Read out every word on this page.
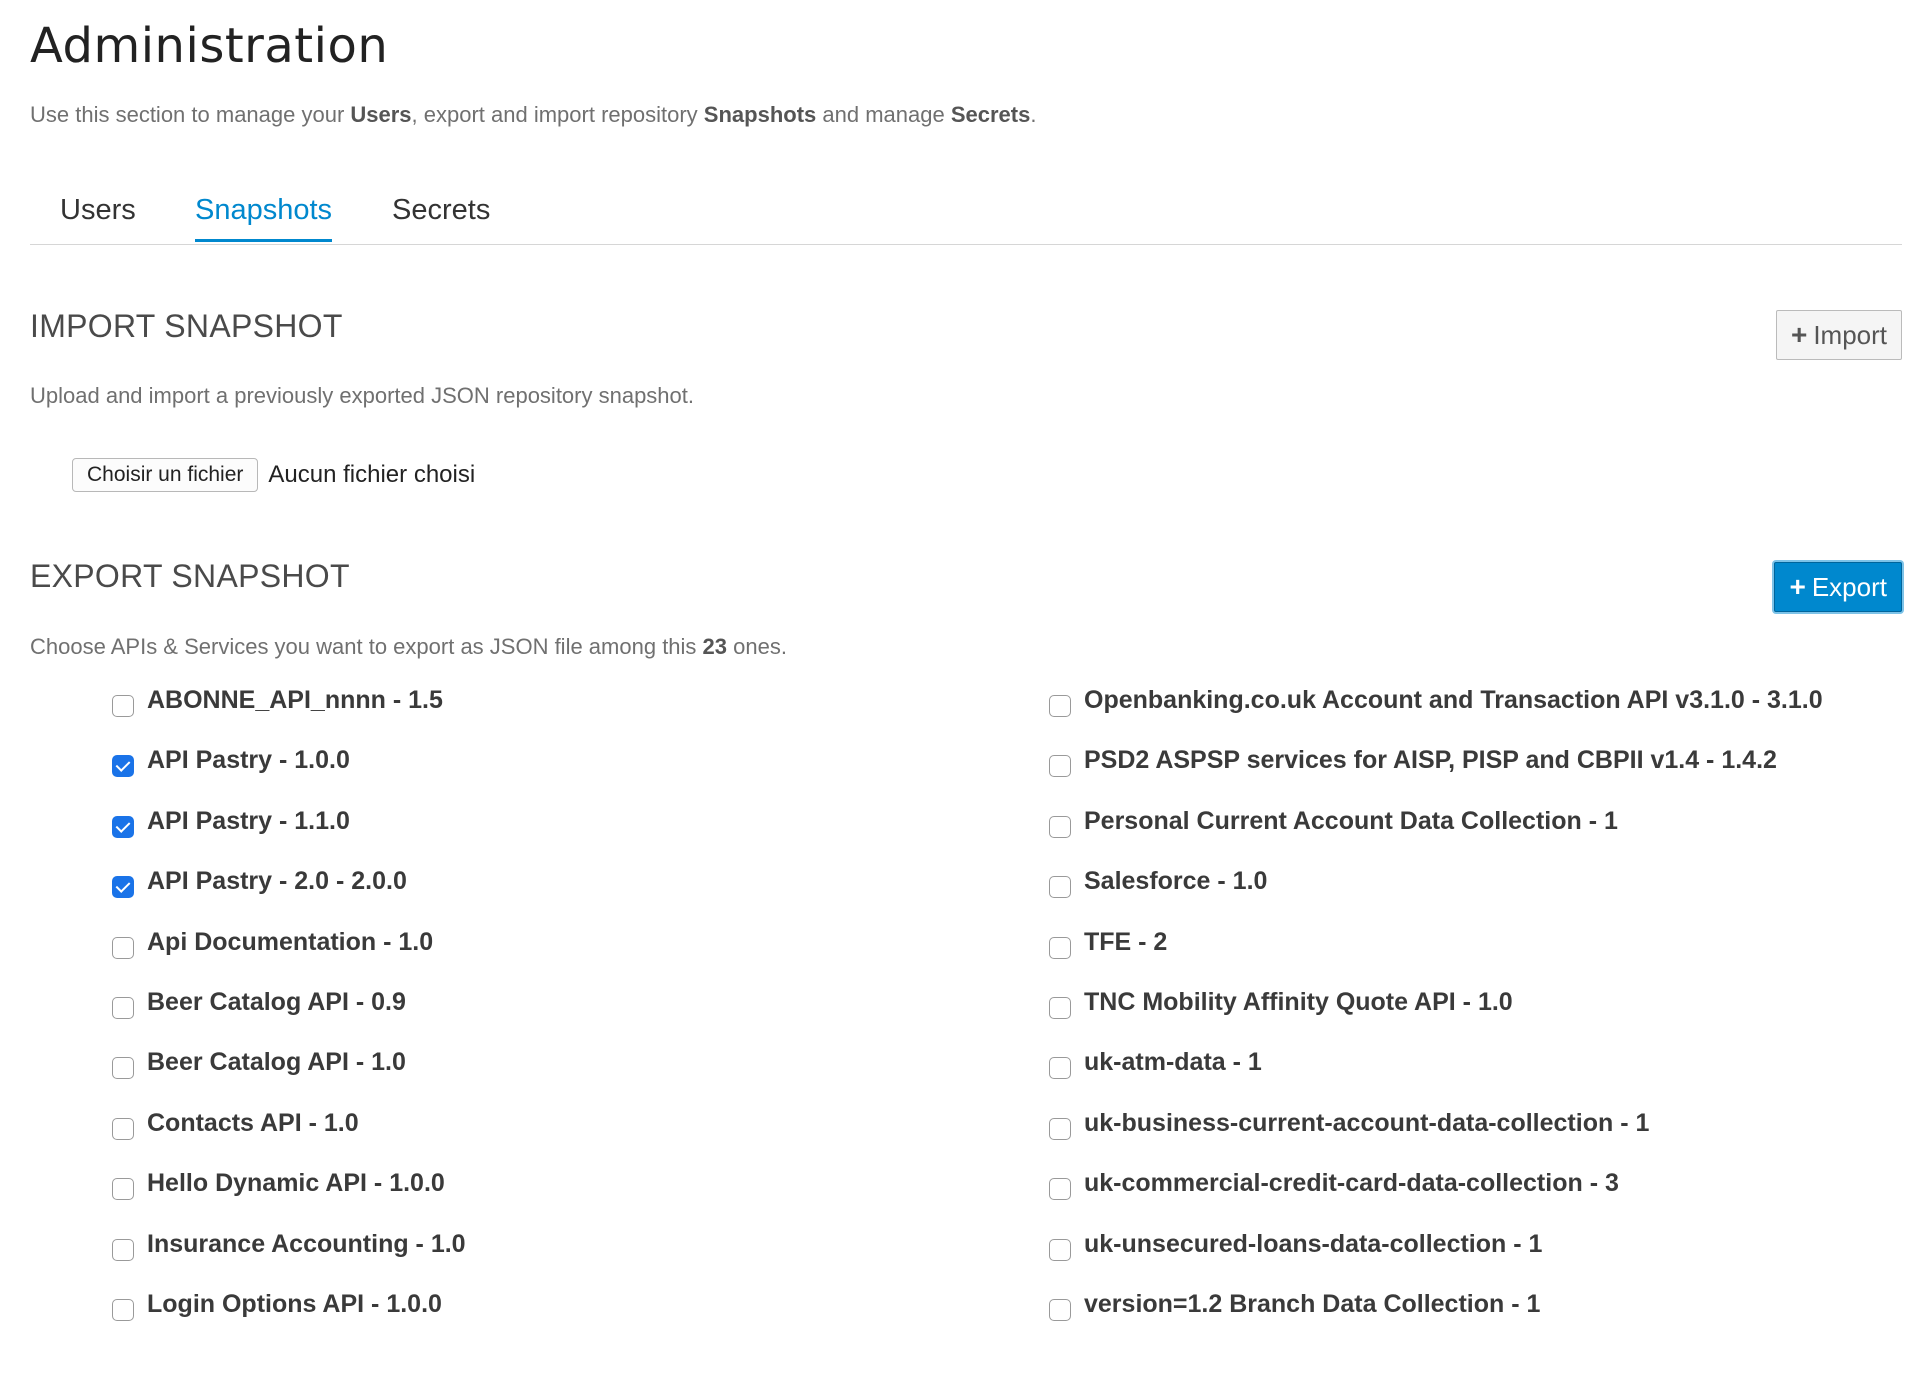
Administration
Use this section to manage your Users, export and import repository Snapshots and manage Secrets.
Users Snapshots Secrets
IMPORT SNAPSHOT	+ Import
Upload and import a previously exported JSON repository snapshot.
Choisir un fichier	Aucun fichier choisi
EXPORT SNAPSHOT	+ Export
Choose APIs & Services you want to export as JSON file among this 23 ones.
ABONNE_API_nnnn - 1.5
API Pastry - 1.0.0
API Pastry - 1.1.0
API Pastry - 2.0 - 2.0.0
Api Documentation - 1.0
Beer Catalog API - 0.9
Beer Catalog API - 1.0
Contacts API - 1.0
Hello Dynamic API - 1.0.0
Insurance Accounting - 1.0
Login Options API - 1.0.0
Openbanking.co.uk Account and Transaction API v3.1.0 - 3.1.0
PSD2 ASPSP services for AISP, PISP and CBPII v1.4 - 1.4.2
Personal Current Account Data Collection - 1
Salesforce - 1.0
TFE - 2
TNC Mobility Affinity Quote API - 1.0
uk-atm-data - 1
uk-business-current-account-data-collection - 1
uk-commercial-credit-card-data-collection - 3
uk-unsecured-loans-data-collection - 1
version=1.2 Branch Data Collection - 1
